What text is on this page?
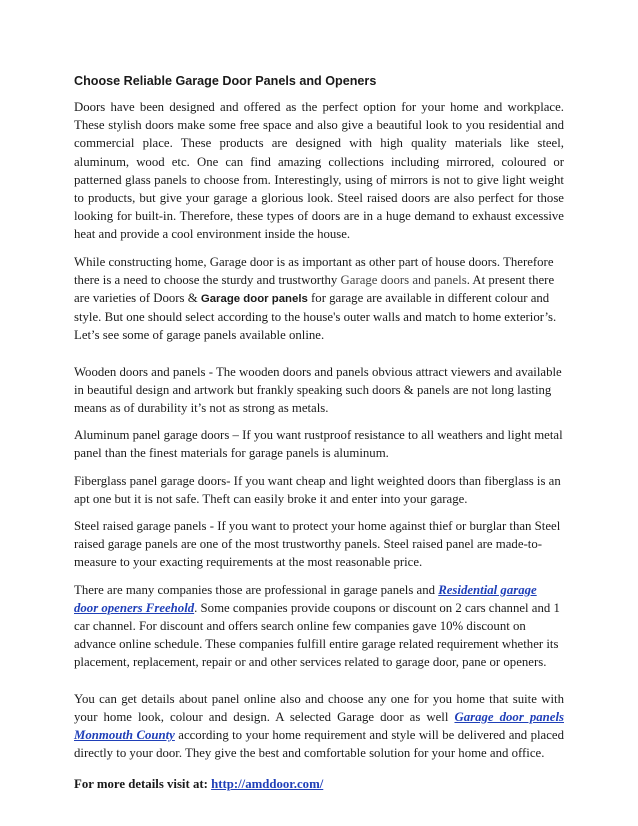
Choose Reliable Garage Door Panels and Openers

Doors have been designed and offered as the perfect option for your home and workplace. These stylish doors make some free space and also give a beautiful look to you residential and commercial place. These products are designed with high quality materials like steel, aluminum, wood etc. One can find amazing collections including mirrored, coloured or patterned glass panels to choose from. Interestingly, using of mirrors is not to give light weight to products, but give your garage a glorious look. Steel raised doors are also perfect for those looking for built-in. Therefore, these types of doors are in a huge demand to exhaust excessive heat and provide a cool environment inside the house.

While constructing home, Garage door is as important as other part of house doors. Therefore there is a need to choose the sturdy and trustworthy Garage doors and panels. At present there are varieties of Doors & Garage door panels for garage are available in different colour and style. But one should select according to the house's outer walls and match to home exterior’s. Let’s see some of garage panels available online.

Wooden doors and panels - The wooden doors and panels obvious attract viewers and available in beautiful design and artwork but frankly speaking such doors & panels are not long lasting means as of durability it’s not as strong as metals.

Aluminum panel garage doors – If you want rustproof resistance to all weathers and light metal panel than the finest materials for garage panels is aluminum.

Fiberglass panel garage doors- If you want cheap and light weighted doors than fiberglass is an apt one but it is not safe. Theft can easily broke it and enter into your garage.

Steel raised garage panels - If you want to protect your home against thief or burglar than Steel raised garage panels are one of the most trustworthy panels. Steel raised panel are made-to-measure to your exacting requirements at the most reasonable price.

There are many companies those are professional in garage panels and Residential garage door openers Freehold. Some companies provide coupons or discount on 2 cars channel and 1 car channel. For discount and offers search online few companies gave 10% discount on advance online schedule. These companies fulfill entire garage related requirement whether its placement, replacement, repair or and other services related to garage door, pane or openers.

You can get details about panel online also and choose any one for you home that suite with your home look, colour and design. A selected Garage door as well Garage door panels Monmouth County according to your home requirement and style will be delivered and placed directly to your door. They give the best and comfortable solution for your home and office.

For more details visit at: http://amddoor.com/
